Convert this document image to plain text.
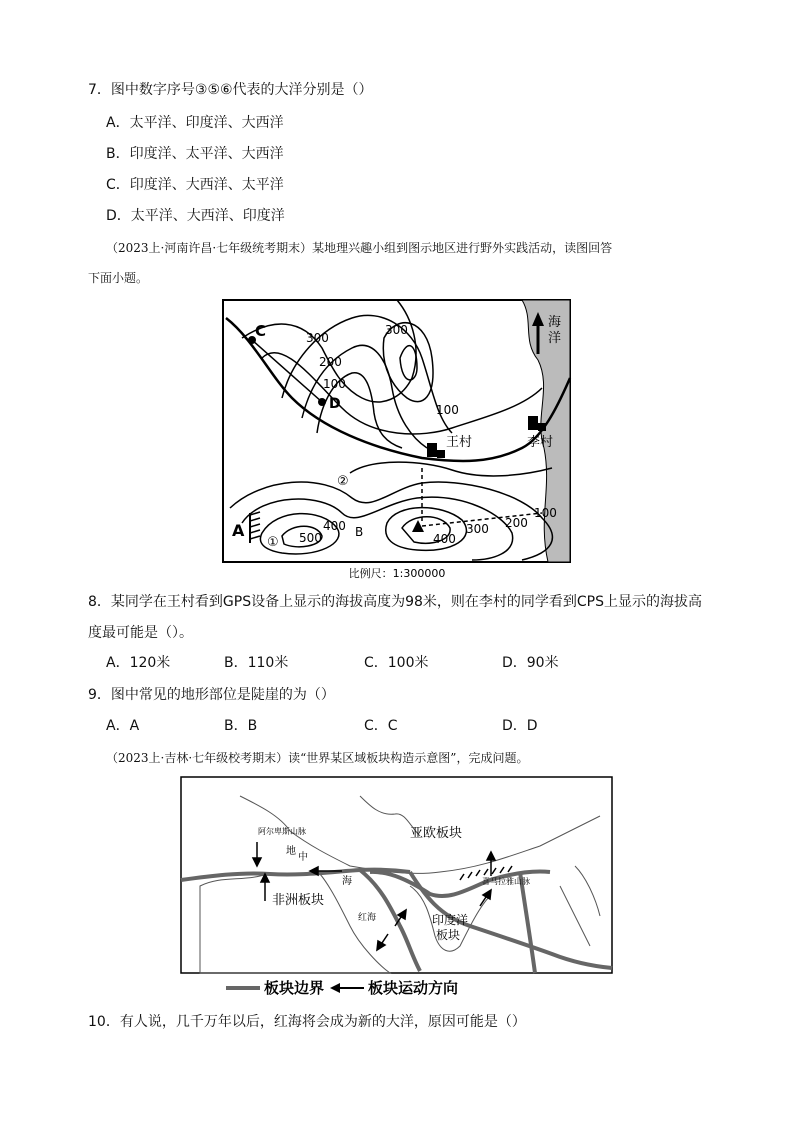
7．图中数字序号③⑤⑥代表的大洋分别是（）
A．太平洋、印度洋、大西洋
B．印度洋、太平洋、大西洋
C．印度洋、大西洋、太平洋
D．太平洋、大西洋、印度洋
（2023上·河南许昌·七年级统考期末）某地理兴趣小组到图示地区进行野外实践活动，读图回答
下面小题。
海
洋
C
D
A	B
王村	李村
300
300
200
100
100
400
500	400
300 200
100
①
②
比例尺：1:300000
8．某同学在王村看到GPS设备上显示的海拔高度为98米，则在李村的同学看到CPS上显示的海拔高
度最可能是（）。
A．120米	B．110米	C．100米	D．90米
9．图中常见的地形部位是陡崖的为（）
A．A	B．B	C．C	D．D
（2023上·吉林·七年级校考期末）读“世界某区域板块构造示意图”，完成问题。
亚欧板块
非洲板块
印度洋
板块
阿尔卑斯山脉
喜马拉雅山脉
红海
地
中
海
板块边界	板块运动方向
10．有人说，几千万年以后，红海将会成为新的大洋，原因可能是（）
